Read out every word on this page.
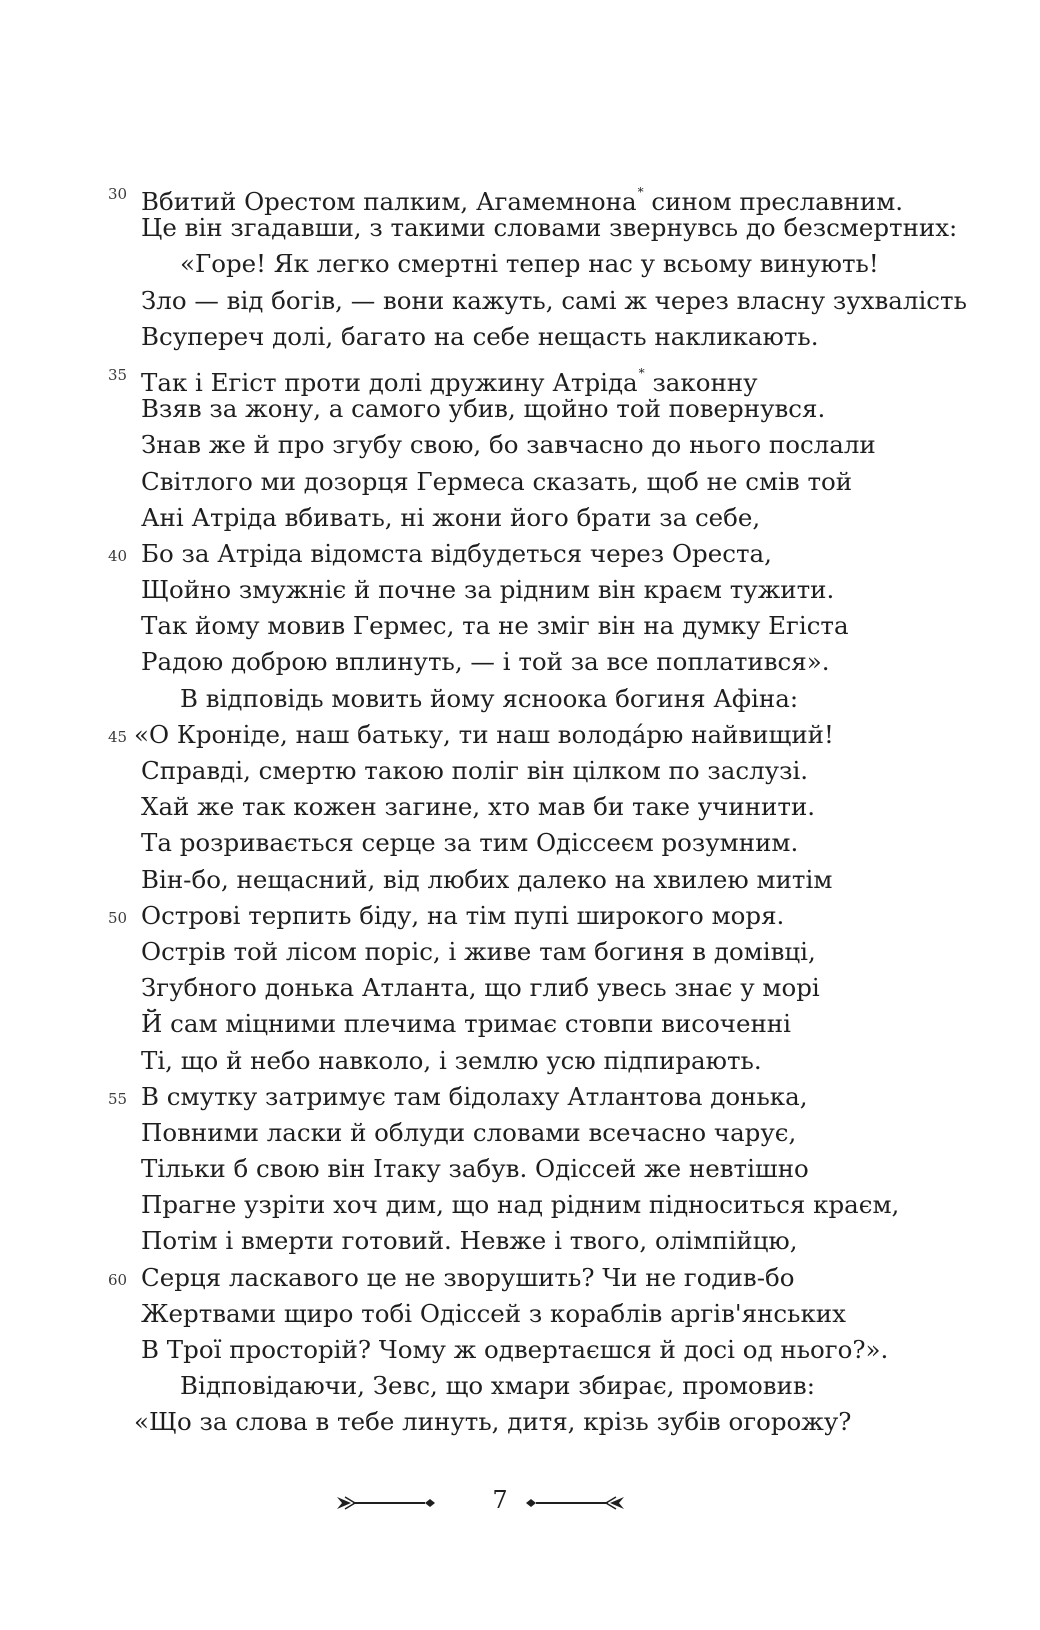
30 Вбитий Орестом палким, Агамемнона* сином преславним.
Це він згадавши, з такими словами звернувсь до безсмертних:
«Горе! Як легко смертні тепер нас у всьому винують!
Зло — від богів, — вони кажуть, самі ж через власну зухвалість
Всупереч долі, багато на себе нещасть накликають.
35 Так і Егіст проти долі дружину Атріда* законну
Взяв за жону, а самого убив, щойно той повернувся.
Знав же й про згубу свою, бо завчасно до нього послали
Світлого ми дозорця Гермеса сказать, щоб не смів той
Ані Атріда вбивать, ні жони його брати за себе,
40 Бо за Атріда відомста відбудеться через Ореста,
Щойно змужніє й почне за рідним він краєм тужити.
Так йому мовив Гермес, та не зміг він на думку Егіста
Радою доброю вплинуть, — і той за все поплатився».
В відповідь мовить йому ясноока богиня Афіна:
45 «О Кроніде, наш батьку, ти наш володáрю найвищий!
Справді, смертю такою поліг він цілком по заслузі.
Хай же так кожен загине, хто мав би таке учинити.
Та розривається серце за тим Одіссеєм розумним.
Він-бо, нещасний, від любих далеко на хвилею митім
50 Острові терпить біду, на тім пупі широкого моря.
Острів той лісом поріс, і живе там богиня в домівці,
Згубного донька Атланта, що глиб увесь знає у морі
Й сам міцними плечима тримає стовпи височенні
Ті, що й небо навколо, і землю усю підпирають.
55 В смутку затримує там бідолаху Атлантова донька,
Повними ласки й облуди словами всечасно чарує,
Тільки б свою він Ітаку забув. Одіссей же невтішно
Прагне узріти хоч дим, що над рідним підноситься краєм,
Потім і вмерти готовий. Невже і твого, олімпійцю,
60 Серця ласкавого це не зворушить? Чи не годив-бо
Жертвами щиро тобі Одіссей з кораблів аргів'янських
В Трої просторій? Чому ж одвертаєшся й досі од нього?».
Відповідаючи, Зевс, що хмари збирає, промовив:
«Що за слова в тебе линуть, дитя, крізь зубів огорожу?
7
